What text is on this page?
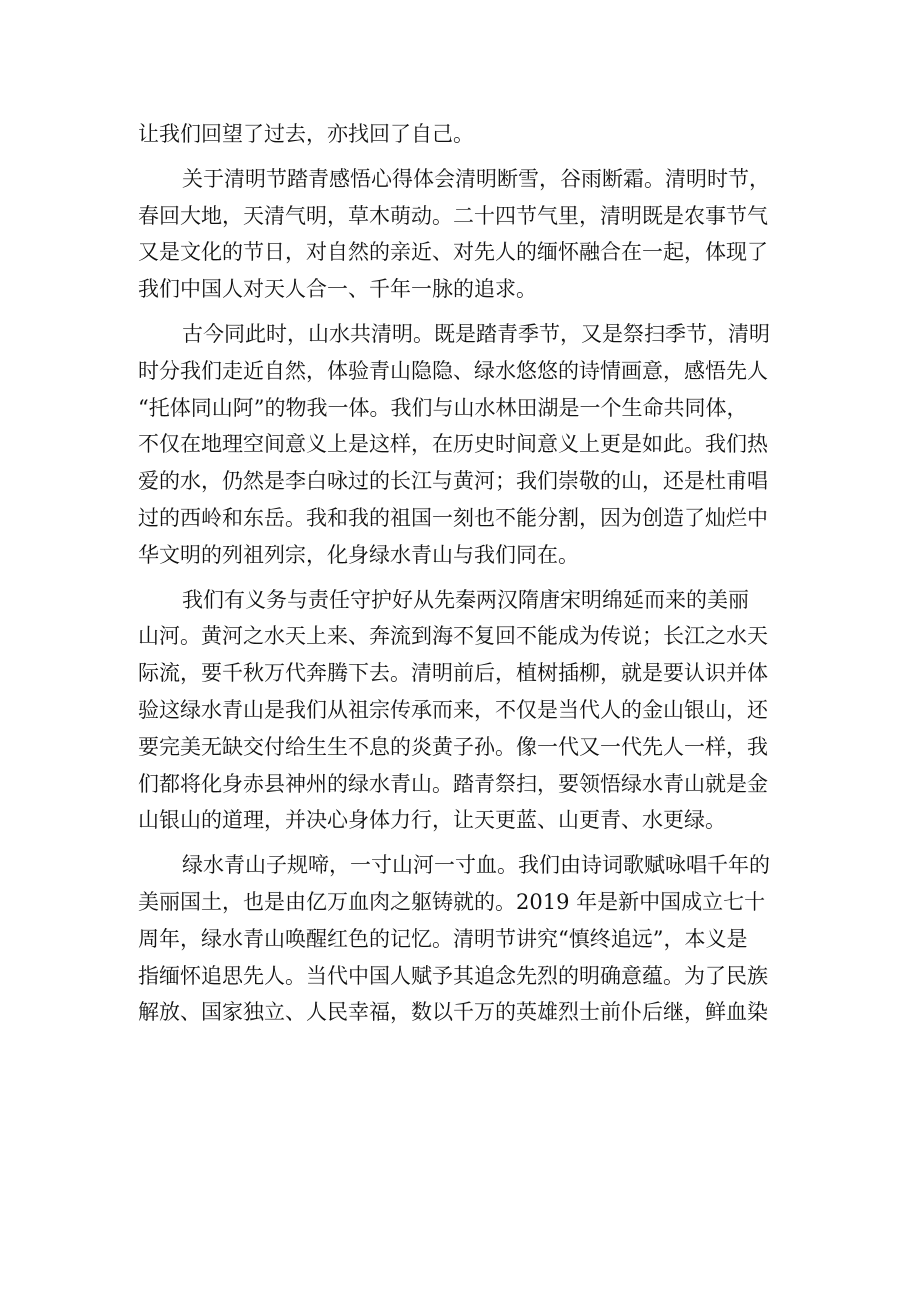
让我们回望了过去，亦找回了自己。

关于清明节踏青感悟心得体会清明断雪，谷雨断霜。清明时节，
春回大地，天清气明，草木萌动。二十四节气里，清明既是农事节气
又是文化的节日，对自然的亲近、对先人的缅怀融合在一起，体现了
我们中国人对天人合一、千年一脉的追求。

古今同此时，山水共清明。既是踏青季节，又是祭扫季节，清明
时分我们走近自然，体验青山隐隐、绿水悠悠的诗情画意，感悟先人
“托体同山阿”的物我一体。我们与山水林田湖是一个生命共同体，
不仅在地理空间意义上是这样，在历史时间意义上更是如此。我们热
爱的水，仍然是李白咏过的长江与黄河；我们崇敬的山，还是杜甫唱
过的西岭和东岳。我和我的祖国一刻也不能分割，因为创造了灿烂中
华文明的列祖列宗，化身绿水青山与我们同在。

我们有义务与责任守护好从先秦两汉隋唐宋明绵延而来的美丽
山河。黄河之水天上来、奔流到海不复回不能成为传说；长江之水天
际流，要千秋万代奔腾下去。清明前后，植树插柳，就是要认识并体
验这绿水青山是我们从祖宗传承而来，不仅是当代人的金山银山，还
要完美无缺交付给生生不息的炎黄子孙。像一代又一代先人一样，我
们都将化身赤县神州的绿水青山。踏青祭扫，要领悟绿水青山就是金
山银山的道理，并决心身体力行，让天更蓝、山更青、水更绿。

绿水青山子规啼，一寸山河一寸血。我们由诗词歌赋咏唱千年的
美丽国土，也是由亿万血肉之躯铸就的。2019 年是新中国成立七十
周年，绿水青山唤醒红色的记忆。清明节讲究“慎终追远”，本义是
指缅怀追思先人。当代中国人赋予其追念先烈的明确意蕴。为了民族
解放、国家独立、人民幸福，数以千万的英雄烈士前仆后继，鲜血染
